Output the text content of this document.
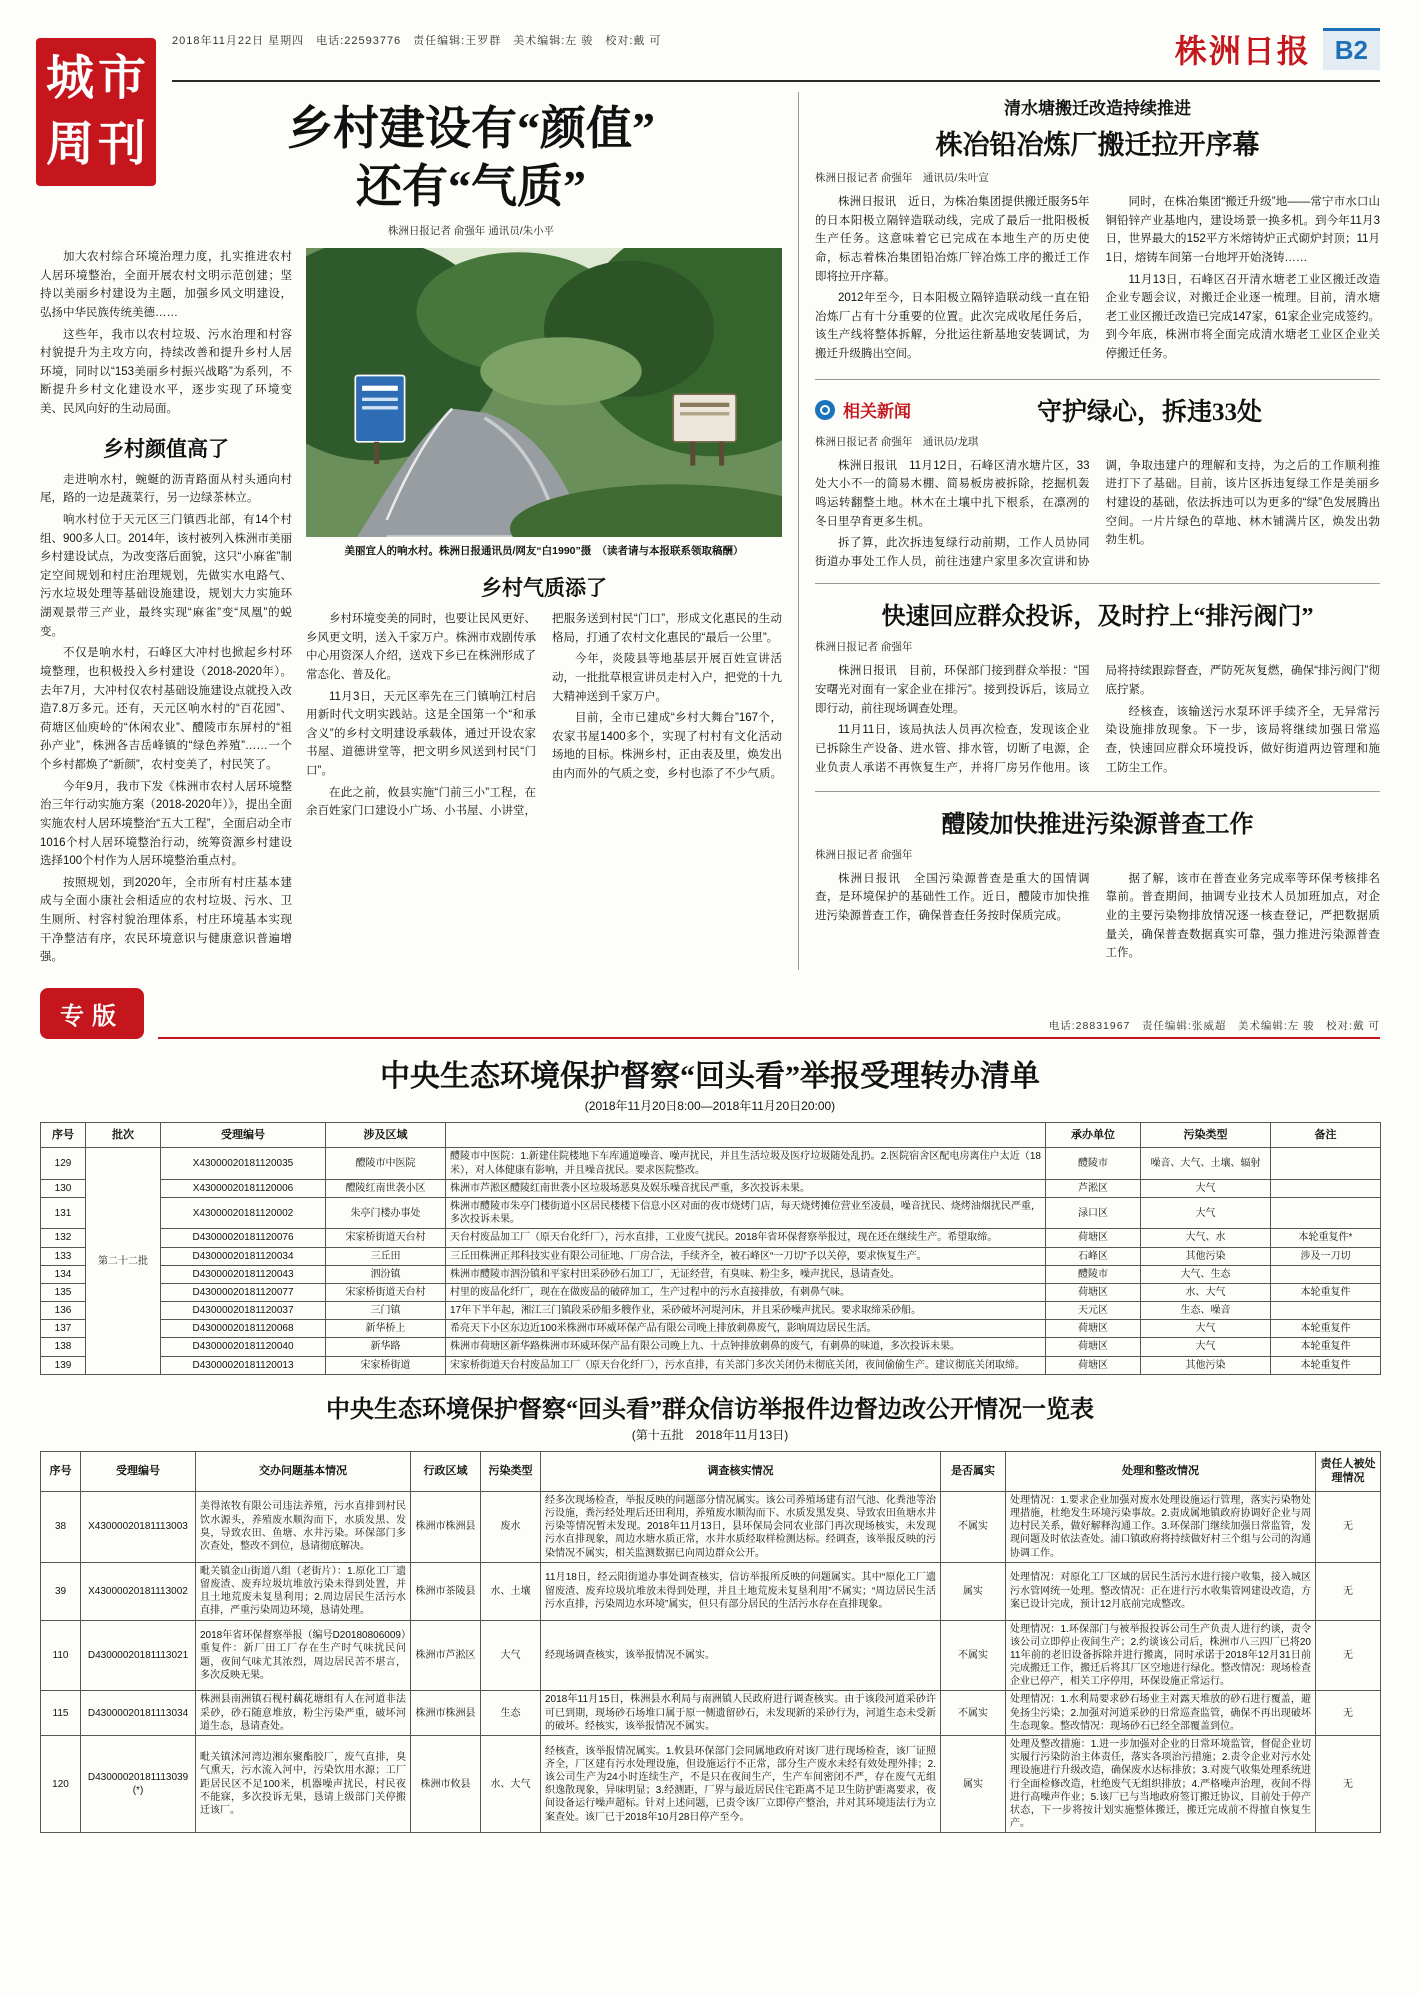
城 市
周 刊
2018年11月22日 星期四　电话:22593776　责任编辑:王罗群　美术编辑:左 骏　校对:戴 可	株洲日报 B2
乡村建设有“颜值”
还有“气质”
株洲日报记者 俞强年 通讯员/朱小平

加大农村综合环境治理力度，扎实推进农村人居环境整治，全面开展农村文明示范创建；坚持以美丽乡村建设为主题，加强乡风文明建设，弘扬中华民族传统美德……

这些年，我市以农村垃圾、污水治理和村容村貌提升为主攻方向，持续改善和提升乡村人居环境，同时以“153美丽乡村振兴战略”为系列，不断提升乡村文化建设水平，逐步实现了环境变美、民风向好的生动局面。

乡村颜值高了

走进响水村，蜿蜒的沥青路面从村头通向村尾，路的一边是蔬菜行，另一边绿茶林立。

响水村位于天元区三门镇西北部，有14个村组、900多人口。2014年，该村被列入株洲市美丽乡村建设试点，为改变落后面貌，这只“小麻雀”制定空间规划和村庄治理规划，先做实水电路气、污水垃圾处理等基础设施建设，规划大力实施环湖观景带三产业，最终实现“麻雀”变“凤凰”的蜕变。

不仅是响水村，石峰区大冲村也掀起乡村环境整理，也积极投入乡村建设（2018-2020年）。去年7月，大冲村仅农村基础设施建设点就投入改造7.8万多元。还有，天元区响水村的“百花园”、荷塘区仙庾岭的“休闲农业”、醴陵市东屏村的“祖孙产业”，株洲各吉岳峰镇的“绿色养殖”……一个个乡村都焕了“新颜”，农村变美了，村民笑了。

今年9月，我市下发《株洲市农村人居环境整治三年行动实施方案（2018-2020年）》，提出全面实施农村人居环境整治“五大工程”，全面启动全市1016个村人居环境整治行动，统筹资源乡村建设选择100个村作为人居环境整治重点村。

按照规划，到2020年，全市所有村庄基本建成与全面小康社会相适应的农村垃圾、污水、卫生厕所、村容村貌治理体系，村庄环境基本实现干净整洁有序，农民环境意识与健康意识普遍增强。

美丽宜人的响水村。株洲日报通讯员/网友“白1990”摄　（读者请与本报联系领取稿酬）
乡村气质添了

乡村环境变美的同时，也要让民风更好、乡风更文明，送入千家万户。株洲市戏剧传承中心用资深人介绍，送戏下乡已在株洲形成了常态化、普及化。

11月3日，天元区率先在三门镇响江村启用新时代文明实践站。这是全国第一个“和承含义”的乡村文明建设承载体，通过开设农家书屋、道德讲堂等，把文明乡风送到村民“门口”。

在此之前，攸县实施“门前三小”工程，在余百姓家门口建设小广场、小书屋、小讲堂，把服务送到村民“门口”，形成文化惠民的生动格局，打通了农村文化惠民的“最后一公里”。

今年，炎陵县等地基层开展百姓宣讲活动，一批批草根宣讲员走村入户，把党的十九大精神送到千家万户。

目前，全市已建成“乡村大舞台”167个，农家书屋1400多个，实现了村村有文化活动场地的目标。株洲乡村，正由表及里，焕发出由内而外的气质之变，乡村也添了不少气质。

清水塘搬迁改造持续推进
株冶铅冶炼厂搬迁拉开序幕
株洲日报记者 俞强年　通讯员/朱叶宣

株洲日报讯　近日，为株冶集团提供搬迁服务5年的日本阳极立隔锌造联动线，完成了最后一批阳极板生产任务。这意味着它已完成在本地生产的历史使命，标志着株冶集团铅冶炼厂锌冶炼工序的搬迁工作即将拉开序幕。

2012年至今，日本阳极立隔锌造联动线一直在铅冶炼厂占有十分重要的位置。此次完成收尾任务后，该生产线将整体拆解，分批运往新基地安装调试，为搬迁升级腾出空间。

同时，在株冶集团“搬迁升级”地——常宁市水口山铜铅锌产业基地内，建设场景一换多机。到今年11月3日，世界最大的152平方米熔铸炉正式砌炉封顶；11月1日，熔铸车间第一台地坪开始浇铸……

11月13日，石峰区召开清水塘老工业区搬迁改造企业专题会议，对搬迁企业逐一梳理。目前，清水塘老工业区搬迁改造已完成147家，61家企业完成签约。到今年底，株洲市将全面完成清水塘老工业区企业关停搬迁任务。

相关新闻	守护绿心，拆违33处
株洲日报记者 俞强年　通讯员/龙琪

株洲日报讯　11月12日，石峰区清水塘片区，33处大小不一的简易木棚、简易板房被拆除，挖掘机轰鸣运转翻整土地。林木在土壤中扎下根系，在凛冽的冬日里孕育更多生机。

拆了算，此次拆违复绿行动前期，工作人员协同街道办事处工作人员，前往违建户家里多次宣讲和协调，争取违建户的理解和支持，为之后的工作顺利推进打下了基础。目前，该片区拆违复绿工作是美丽乡村建设的基础，依法拆违可以为更多的“绿”色发展腾出空间。一片片绿色的草地、林木铺满片区，焕发出勃勃生机。

快速回应群众投诉，及时拧上“排污阀门”
株洲日报记者 俞强年

株洲日报讯　目前，环保部门接到群众举报：“国安曙光对面有一家企业在排污”。接到投诉后，该局立即行动，前往现场调查处理。

11月11日，该局执法人员再次检查，发现该企业已拆除生产设备、进水管、排水管，切断了电源，企业负责人承诺不再恢复生产，并将厂房另作他用。该局将持续跟踪督查，严防死灰复燃，确保“排污阀门”彻底拧紧。

经核查，该输送污水泵环评手续齐全，无异常污染设施排放现象。下一步，该局将继续加强日常巡查，快速回应群众环境投诉，做好街道两边管理和施工防尘工作。

醴陵加快推进污染源普查工作
株洲日报记者 俞强年

株洲日报讯　全国污染源普查是重大的国情调查，是环境保护的基础性工作。近日，醴陵市加快推进污染源普查工作，确保普查任务按时保质完成。

据了解，该市在普查业务完成率等环保考核排名靠前。普查期间，抽调专业技术人员加班加点，对企业的主要污染物排放情况逐一核查登记，严把数据质量关，确保普查数据真实可靠，强力推进污染源普查工作。

专版	电话:28831967　责任编辑:张威超　美术编辑:左 骏　校对:戴 可
中央生态环境保护督察“回头看”举报受理转办清单
(2018年11月20日8:00—2018年11月20日20:00)
序号	批次	受理编号	涉及区域		承办单位	污染类型	备注
129	第二十二批	X43000020181120035	醴陵市中医院	醴陵市中医院：1.新建住院楼地下车库通道噪音、噪声扰民，并且生活垃圾及医疗垃圾随处乱扔。2.医院宿舍区配电房离住户太近（18米），对人体健康有影响，并且噪音扰民。要求医院整改。	醴陵市	噪音、大气、土壤、辐射	
130		X43000020181120006	醴陵红南世袭小区	株洲市芦淞区醴陵红南世袭小区垃圾场恶臭及娱乐噪音扰民严重，多次投诉未果。	芦淞区	大气	
131		X43000020181120002	朱亭门楼办事处	株洲市醴陵市朱亭门楼街道小区居民楼楼下信息小区对面的夜市烧烤门店，每天烧烤摊位营业至凌晨，噪音扰民、烧烤油烟扰民严重，多次投诉未果。	渌口区	大气	
132		D43000020181120076	宋家桥街道天台村	天台村废品加工厂（原天台化纤厂），污水直排，工业废气扰民。2018年省环保督察举报过，现在还在继续生产。希望取缔。	荷塘区	大气、水	本轮重复件*
133		D43000020181120034	三丘田	三丘田株洲正邦科技实业有限公司征地、厂房合法，手续齐全，被石峰区“一刀切”予以关停，要求恢复生产。	石峰区	其他污染	涉及一刀切
134		D43000020181120043	泗汾镇	株洲市醴陵市泗汾镇和平家村田采砂砂石加工厂，无证经营，有臭味、粉尘多，噪声扰民，恳请查处。	醴陵市	大气、生态	
135		D43000020181120077	宋家桥街道天台村	村里的废品化纤厂，现在在做废品的破碎加工，生产过程中的污水直接排放，有刺鼻气味。	荷塘区	水、大气	本轮重复件
136		D43000020181120037	三门镇	17年下半年起，湘江三门镇段采砂船多艘作业，采砂破坏河堤河床，并且采砂噪声扰民。要求取缔采砂船。	天元区	生态、噪音	
137		D43000020181120068	新华桥上	希亮天下小区东边近100米株洲市环威环保产品有限公司晚上排放刺鼻废气，影响周边居民生活。	荷塘区	大气	本轮重复件
138		D43000020181120040	新华路	株洲市荷塘区新华路株洲市环威环保产品有限公司晚上九、十点钟排放刺鼻的废气，有刺鼻的味道，多次投诉未果。	荷塘区	大气	本轮重复件
139		D43000020181120013	宋家桥街道	宋家桥街道天台村废品加工厂（原天台化纤厂），污水直排，有关部门多次关闭仍未彻底关闭，夜间偷偷生产。建议彻底关闭取缔。	荷塘区	其他污染	本轮重复件
中央生态环境保护督察“回头看”群众信访举报件边督边改公开情况一览表
(第十五批　2018年11月13日)
序号	受理编号	交办问题基本情况	行政区域	污染类型	调查核实情况	是否属实	处理和整改情况	责任人被处理情况
38	X43000020181113003	美得浓牧有限公司违法养殖，污水直排到村民饮水源头，养殖废水顺沟而下，水质发黑、发臭，导致农田、鱼塘、水井污染。环保部门多次查处，整改不到位，恳请彻底解决。	株洲市株洲县	废水	经多次现场检查，举报反映的问题部分情况属实。该公司养殖场建有沼气池、化粪池等治污设施，粪污经处理后还田利用，养殖废水顺沟而下、水质发黑发臭、导致农田鱼塘水井污染等情况暂未发现。2018年11月13日，县环保局会同农业部门再次现场核实，未发现污水直排现象，周边水塘水质正常，水井水质经取样检测达标。经调查，该举报反映的污染情况不属实，相关监测数据已向周边群众公开。	不属实	处理情况：1.要求企业加强对废水处理设施运行管理，落实污染物处理措施，杜绝发生环境污染事故。2.责成属地镇政府协调好企业与周边村民关系，做好解释沟通工作。3.环保部门继续加强日常监管，发现问题及时依法查处。浦口镇政府将持续做好村三个组与公司的沟通协调工作。	无
39	X43000020181113002	毗关镇金山街道八组（老街片）：1.原化工厂遗留废渣、废弃垃圾坑堆放污染未得到处置，并且土地荒废未复垦利用；2.周边居民生活污水直排，严重污染周边环境，恳请处理。	株洲市茶陵县	水、土壤	11月18日，经云阳街道办事处调查核实，信访举报所反映的问题属实。其中“原化工厂遗留废渣、废弃垃圾坑堆放未得到处理，并且土地荒废未复垦利用”不属实；“周边居民生活污水直排，污染周边水环境”属实，但只有部分居民的生活污水存在直排现象。	属实	处理情况：对原化工厂区域的居民生活污水进行接户收集，接入城区污水管网统一处理。整改情况：正在进行污水收集管网建设改造，方案已设计完成，预计12月底前完成整改。	无
110	D43000020181113021	2018年省环保督察举报（编号D20180806009）重复件：新厂田工厂存在生产时气味扰民问题，夜间气味尤其浓烈，周边居民苦不堪言，多次反映无果。	株洲市芦淞区	大气	经现场调查核实，该举报情况不属实。	不属实	处理情况：1.环保部门与被举报投诉公司生产负责人进行约谈，责令该公司立即停止夜间生产；2.约谈该公司后，株洲市八三四厂已将2011年前的老旧设备拆除并进行搬离，同时承诺于2018年12月31日前完成搬迁工作，搬迁后将其厂区空地进行绿化。整改情况：现场检查企业已停产，相关工序停用，环保设施正常运行。	无
115	D43000020181113034	株洲县南洲镇石枧村藕花塘组有人在河道非法采砂，砂石随意堆放，粉尘污染严重，破坏河道生态，恳请查处。	株洲市株洲县	生态	2018年11月15日，株洲县水利局与南洲镇人民政府进行调查核实。由于该段河道采砂许可已到期，现场砂石场堆口属于原一侧遗留砂石，未发现新的采砂行为，河道生态未受新的破坏。经核实，该举报情况不属实。	不属实	处理情况：1.水利局要求砂石场业主对露天堆放的砂石进行覆盖，避免扬尘污染；2.加强对河道采砂的日常巡查监管，确保不再出现破坏生态现象。整改情况：现场砂石已经全部覆盖到位。	无
120	D43000020181113039(*)	毗关镇沭河湾边湘东聚酯胶厂，废气直排，臭气熏天，污水流入河中，污染饮用水源；工厂距居民区不足100米，机器噪声扰民，村民夜不能寐，多次投诉无果，恳请上级部门关停搬迁该厂。	株洲市攸县	水、大气	经核查，该举报情况属实。1.攸县环保部门会同属地政府对该厂进行现场检查，该厂证照齐全，厂区建有污水处理设施，但设施运行不正常，部分生产废水未经有效处理外排；2.该公司生产为24小时连续生产，不是只在夜间生产，生产车间密闭不严，存在废气无组织逸散现象，异味明显；3.经测距，厂界与最近居民住宅距离不足卫生防护距离要求，夜间设备运行噪声超标。针对上述问题，已责令该厂立即停产整治，并对其环境违法行为立案查处。该厂已于2018年10月28日停产至今。	属实	处理及整改措施：1.进一步加强对企业的日常环境监管，督促企业切实履行污染防治主体责任，落实各项治污措施；2.责令企业对污水处理设施进行升级改造，确保废水达标排放；3.对废气收集处理系统进行全面检修改造，杜绝废气无组织排放；4.严格噪声治理，夜间不得进行高噪声作业；5.该厂已与当地政府签订搬迁协议，目前处于停产状态，下一步将按计划实施整体搬迁，搬迁完成前不得擅自恢复生产。	无
